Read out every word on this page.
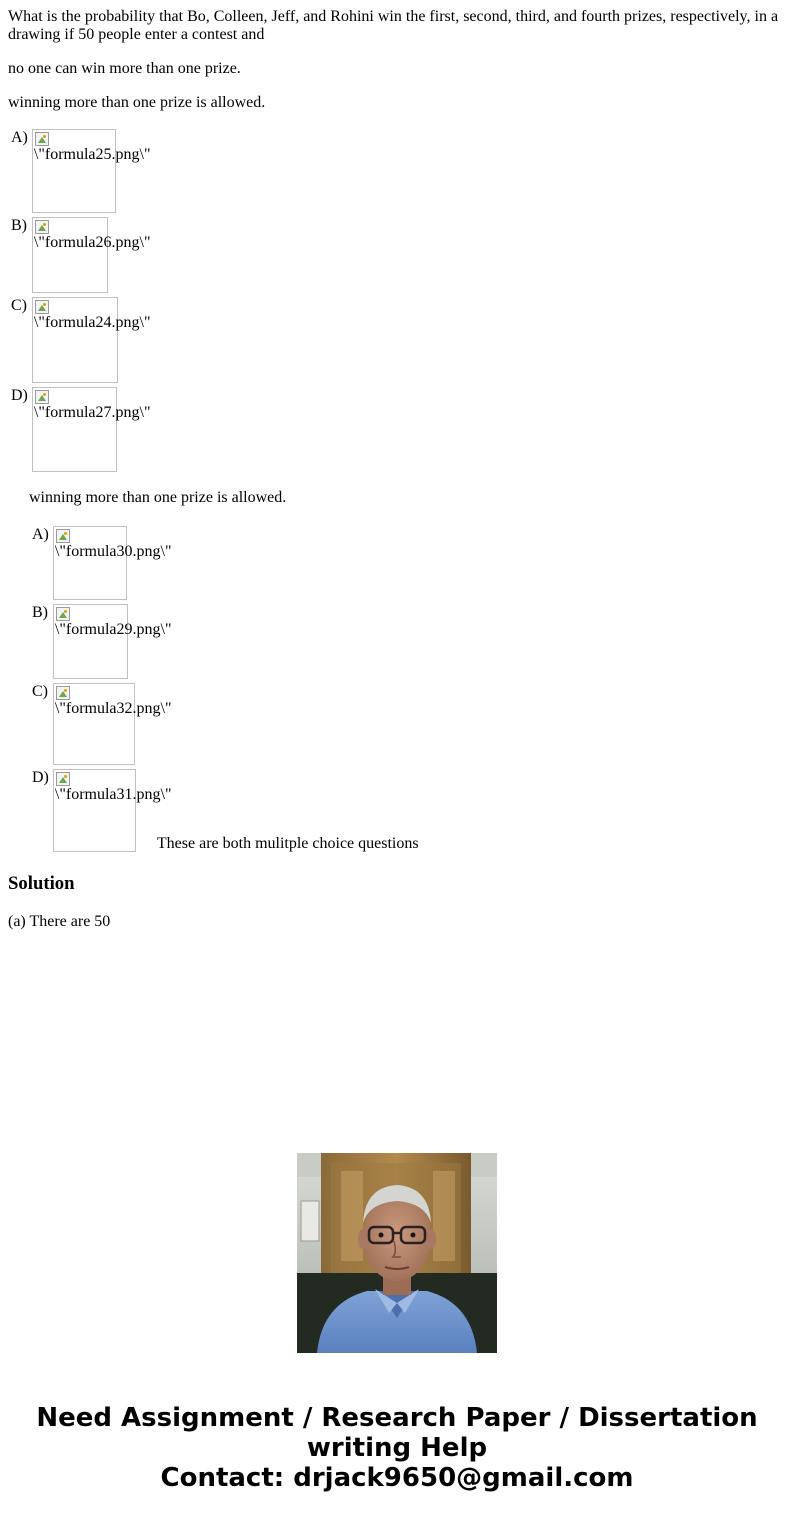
What is the probability that Bo, Colleen, Jeff, and Rohini win the first, second, third, and fourth prizes, respectively, in a drawing if 50 people enter a contest and

no one can win more than one prize.

winning more than one prize is allowed.

A)	\"formula25.png\"

B)	\"formula26.png\"

C)	\"formula24.png\"

D)	\"formula27.png\"

winning more than one prize is allowed.

A)	\"formula30.png\"

B)	\"formula29.png\"

C)	\"formula32.png\"

D)	\"formula31.png\"
These are both mulitple choice questions
Solution

(a) There are 50

Need Assignment / Research Paper / Dissertation
writing Help
Contact: drjack9650@gmail.com
